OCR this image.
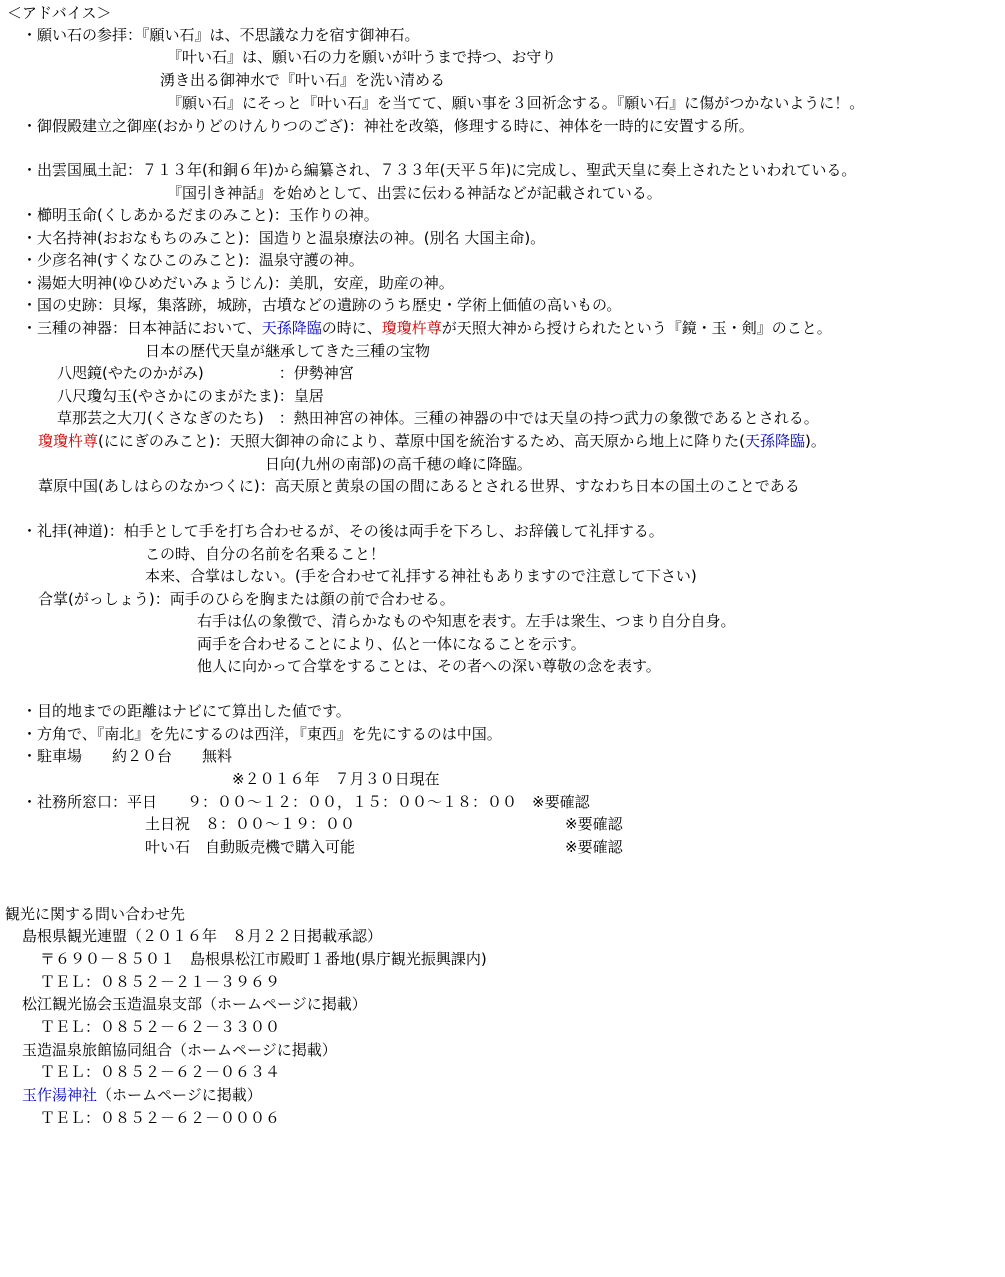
＜アドバイス＞
・願い石の参拝：『願い石』は、不思議な力を宿す御神石。
『叶い石』は、願い石の力を願いが叶うまで持つ、お守り
湧き出る御神水で『叶い石』を洗い清める
『願い石』にそっと『叶い石』を当てて、願い事を３回祈念する。『願い石』に傷がつかないように！。
・御假殿建立之御座(おかりどのけんりつのござ)：神社を改築，修理する時に、神体を一時的に安置する所。
・出雲国風土記：７１３年(和銅６年)から編纂され、７３３年(天平５年)に完成し、聖武天皇に奏上されたといわれている。
『国引き神話』を始めとして、出雲に伝わる神話などが記載されている。
・櫛明玉命(くしあかるだまのみこと)：玉作りの神。
・大名持神(おおなもちのみこと)：国造りと温泉療法の神。(別名 大国主命)。
・少彦名神(すくなひこのみこと)：温泉守護の神。
・湯姫大明神(ゆひめだいみょうじん)：美肌，安産，助産の神。
・国の史跡：貝塚，集落跡，城跡，古墳などの遺跡のうち歴史・学術上価値の高いもの。
・三種の神器：日本神話において、天孫降臨の時に、瓊瓊杵尊が天照大神から授けられたという『鏡・玉・剣』のこと。
日本の歴代天皇が継承してきた三種の宝物
八咫鏡(やたのかがみ)　　　　　：伊勢神宮
八尺瓊勾玉(やさかにのまがたま)：皇居
草那芸之大刀(くさなぎのたち)　：熱田神宮の神体。三種の神器の中では天皇の持つ武力の象徴であるとされる。
瓊瓊杵尊(ににぎのみこと)：天照大御神の命により、葦原中国を統治するため、高天原から地上に降りた(天孫降臨)。
日向(九州の南部)の高千穂の峰に降臨。
葦原中国(あしはらのなかつくに)：高天原と黄泉の国の間にあるとされる世界、すなわち日本の国土のことである
・礼拝(神道)：柏手として手を打ち合わせるが、その後は両手を下ろし、お辞儀して礼拝する。
この時、自分の名前を名乗ること！
本来、合掌はしない。(手を合わせて礼拝する神社もありますので注意して下さい)
合掌(がっしょう)：両手のひらを胸または顔の前で合わせる。
右手は仏の象徴で、清らかなものや知恵を表す。左手は衆生、つまり自分自身。
両手を合わせることにより、仏と一体になることを示す。
他人に向かって合掌をすることは、その者への深い尊敬の念を表す。
・目的地までの距離はナビにて算出した値です。
・方角で、『南北』を先にするのは西洋，『東西』を先にするのは中国。
・駐車場　　約２０台　　無料
※２０１６年　７月３０日現在
・社務所窓口：平日　　９：００～１２：００，１５：００～１８：００　※要確認
土日祝　８：００～１９：００　　　　　　　　　　　　　　※要確認
叶い石　自動販売機で購入可能　　　　　　　　　　　　　　※要確認
観光に関する問い合わせ先
島根県観光連盟（２０１６年　８月２２日掲載承認）
〒６９０－８５０１　島根県松江市殿町１番地(県庁観光振興課内)
ＴＥＬ：０８５２－２１－３９６９
松江観光協会玉造温泉支部（ホームページに掲載）
ＴＥＬ：０８５２－６２－３３００
玉造温泉旅館協同組合（ホームページに掲載）
ＴＥＬ：０８５２－６２－０６３４
玉作湯神社（ホームページに掲載）
ＴＥＬ：０８５２－６２－０００６
